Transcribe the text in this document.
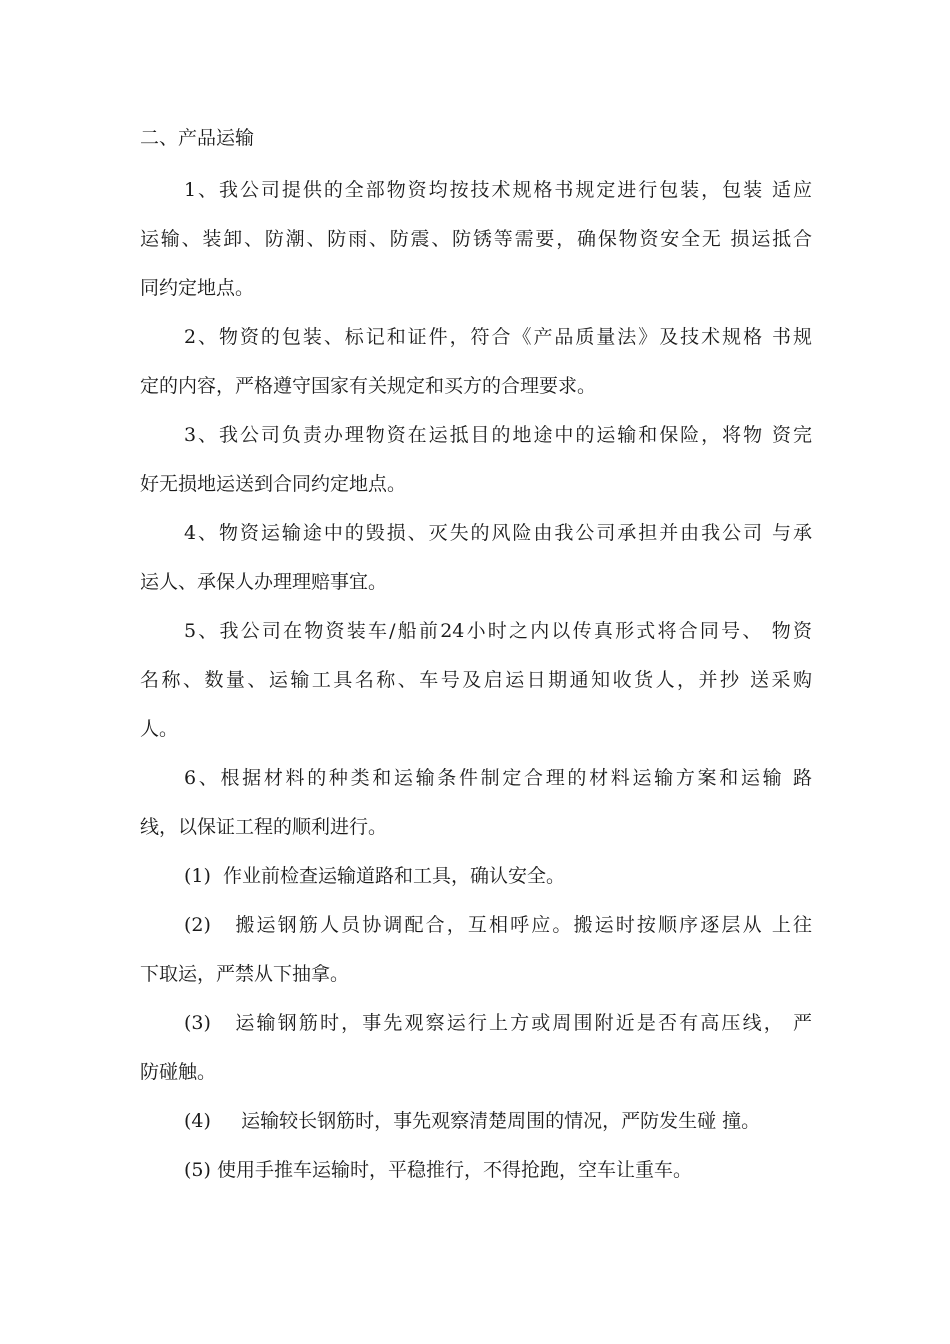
二、产品运输
1、我公司提供的全部物资均按技术规格书规定进行包装，包装 适应
运输、装卸、防潮、防雨、防震、防锈等需要，确保物资安全无 损运抵合
同约定地点。
2、物资的包装、标记和证件，符合《产品质量法》及技术规格 书规
定的内容，严格遵守国家有关规定和买方的合理要求。
3、我公司负责办理物资在运抵目的地途中的运输和保险，将物 资完
好无损地运送到合同约定地点。
4、物资运输途中的毁损、灭失的风险由我公司承担并由我公司 与承
运人、承保人办理理赔事宜。
5、我公司在物资装车/船前24小时之内以传真形式将合同号、 物资
名称、数量、运输工具名称、车号及启运日期通知收货人，并抄 送采购
人。
6、根据材料的种类和运输条件制定合理的材料运输方案和运输 路
线，以保证工程的顺利进行。
(1)  作业前检查运输道路和工具，确认安全。
(2)   搬运钢筋人员协调配合，互相呼应。搬运时按顺序逐层从 上往
下取运，严禁从下抽拿。
(3)   运输钢筋时，事先观察运行上方或周围附近是否有高压线， 严
防碰触。
(4)     运输较长钢筋时，事先观察清楚周围的情况，严防发生碰 撞。
(5) 使用手推车运输时，平稳推行，不得抢跑，空车让重车。
